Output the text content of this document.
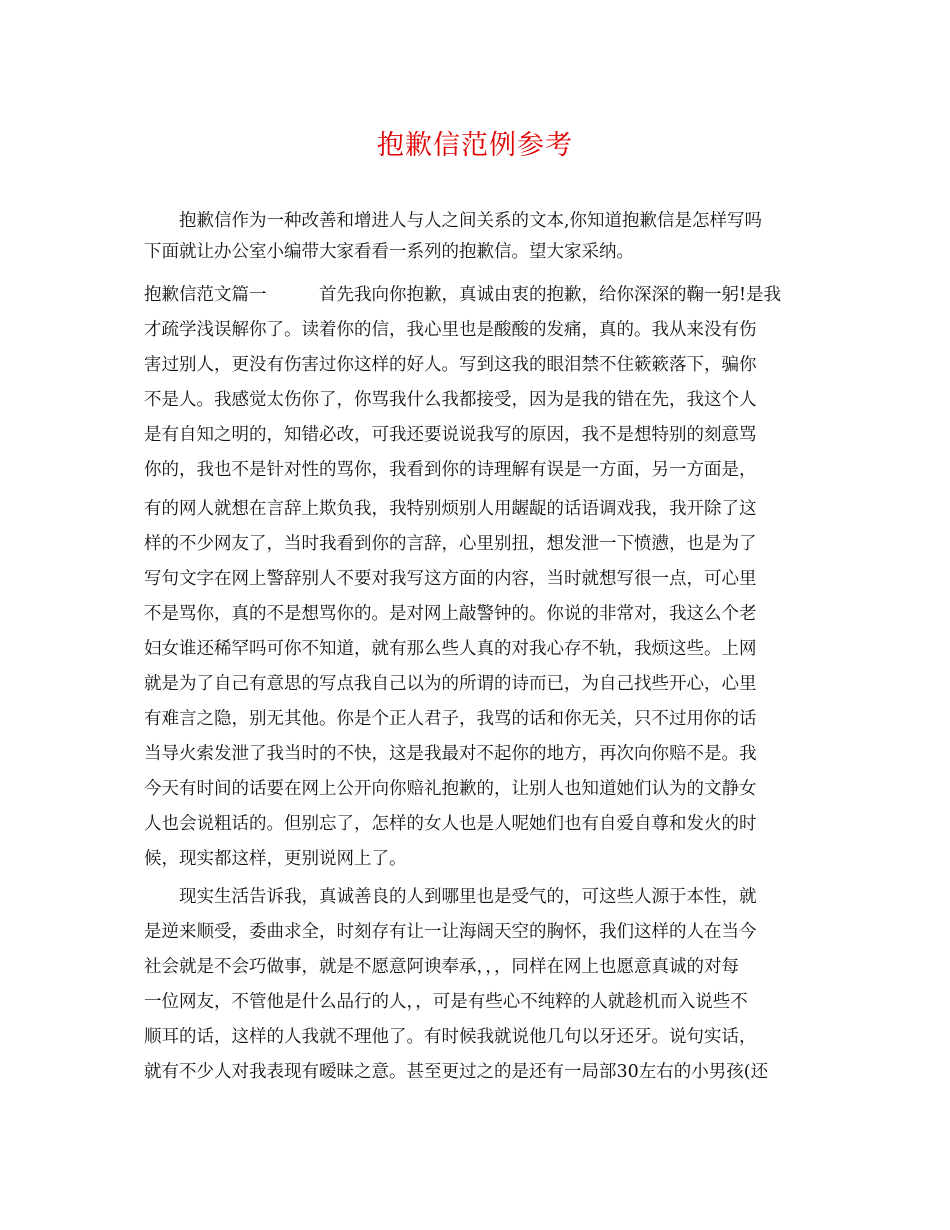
抱歉信范例参考
　　抱歉信作为一种改善和增进人与人之间关系的文本,你知道抱歉信是怎样写吗
下面就让办公室小编带大家看看一系列的抱歉信。望大家采纳。
抱歉信范文篇一　　　首先我向你抱歉，真诚由衷的抱歉，给你深深的鞠一躬!是我
才疏学浅误解你了。读着你的信，我心里也是酸酸的发痛，真的。我从来没有伤
害过别人，更没有伤害过你这样的好人。写到这我的眼泪禁不住簌簌落下，骗你
不是人。我感觉太伤你了，你骂我什么我都接受，因为是我的错在先，我这个人
是有自知之明的，知错必改，可我还要说说我写的原因，我不是想特别的刻意骂
你的，我也不是针对性的骂你，我看到你的诗理解有误是一方面，另一方面是，
有的网人就想在言辞上欺负我，我特别烦别人用龌龊的话语调戏我，我开除了这
样的不少网友了，当时我看到你的言辞，心里别扭，想发泄一下愤懑，也是为了
写句文字在网上警辞别人不要对我写这方面的内容，当时就想写很一点，可心里
不是骂你，真的不是想骂你的。是对网上敲警钟的。你说的非常对，我这么个老
妇女谁还稀罕吗可你不知道，就有那么些人真的对我心存不轨，我烦这些。上网
就是为了自己有意思的写点我自己以为的所谓的诗而已，为自己找些开心，心里
有难言之隐，别无其他。你是个正人君子，我骂的话和你无关，只不过用你的话
当导火索发泄了我当时的不快，这是我最对不起你的地方，再次向你赔不是。我
今天有时间的话要在网上公开向你赔礼抱歉的，让别人也知道她们认为的文静女
人也会说粗话的。但别忘了，怎样的女人也是人呢她们也有自爱自尊和发火的时
候，现实都这样，更别说网上了。
　　现实生活告诉我，真诚善良的人到哪里也是受气的，可这些人源于本性，就
是逆来顺受，委曲求全，时刻存有让一让海阔天空的胸怀，我们这样的人在当今
社会就是不会巧做事，就是不愿意阿谀奉承，，，同样在网上也愿意真诚的对每
一位网友，不管他是什么品行的人，，可是有些心不纯粹的人就趁机而入说些不
顺耳的话，这样的人我就不理他了。有时候我就说他几句以牙还牙。说句实话，
就有不少人对我表现有暧昧之意。甚至更过之的是还有一局部30左右的小男孩(还
